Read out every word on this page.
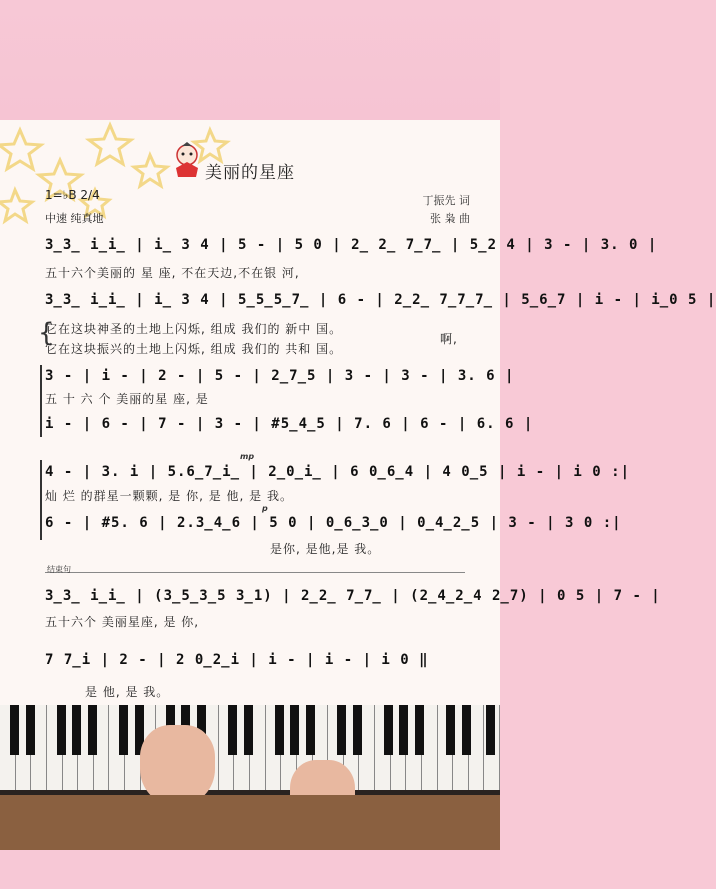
美丽的星座
1=♭B 2/4
中速 纯真地
丁振先 词
张 枭 曲
3̲3̲ i̲i̲ | i̲ 3 4 | 5 - | 5 0 | 2̲ 2̲ 7̲7̲ | 5̲2 4 | 3 - | 3. 0 |
五十六个美丽的 星 座, 不在天边,不在银 河,
3̲3̲ i̲i̲ | i̲ 3 4 | 5̲5̲5̲7̲ | 6 - | 2̲2̲ 7̲7̲7̲ | 5̲6̲7 | i - | i̲0 5 |
{
它在这块神圣的土地上闪烁, 组成 我们的 新中 国。
它在这块振兴的土地上闪烁, 组成 我们的 共和 国。
啊,
3 - | i - | 2 - | 5 - | 2̲7̲5 | 3 - | 3 - | 3. 6 |
五 十 六 个 美丽的星 座, 是
i - | 6 - | 7 - | 3 - | #5̲4̲5 | 7. 6 | 6 - | 6. 6 |
mp
4 - | 3. i | 5.6̲7̲i̲ | 2̲0̲i̲ | 6 0̲6̲4 | 4 0̲5 | i - | i 0 :|
灿 烂 的群星一颗颗, 是 你, 是 他, 是 我。
p
6 - | #5. 6 | 2.3̲4̲6 | 5 0 | 0̲6̲3̲0 | 0̲4̲2̲5 | 3 - | 3 0 :|
是你, 是他,是 我。
结束句
3̲3̲ i̲i̲ | (3̲5̲3̲5 3̲1) | 2̲2̲ 7̲7̲ | (2̲4̲2̲4 2̲7) | 0 5 | 7 - |
五十六个 美丽星座, 是 你,
7 7̲i | 2 - | 2 0̲2̲i | i - | i - | i 0 ‖
是 他, 是 我。
